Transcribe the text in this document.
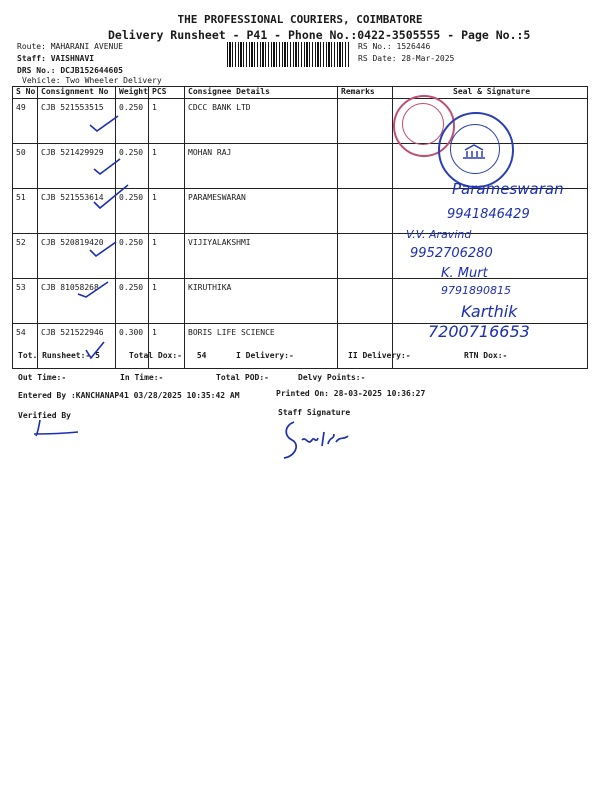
THE PROFESSIONAL COURIERS, COIMBATORE
Delivery Runsheet - P41 - Phone No.:0422-3505555 - Page No.:5
Route: MAHARANI AVENUE
Staff: VAISHNAVI
DRS No.: DCJB152644605
Vehicle: Two Wheeler Delivery
RS No.: 1526446
RS Date: 28-Mar-2025
S No	Consignment No	Weight	PCS	Consignee Details	Remarks	Seal & Signature
49	CJB 521553515	0.250	1	CDCC BANK LTD		
50	CJB 521429929	0.250	1	MOHAN RAJ		
51	CJB 521553614	0.250	1	PARAMESWARAN		
52	CJB 520819420	0.250	1	VIJIYALAKSHMI		
53	CJB 81058268	0.250	1	KIRUTHIKA		
54	CJB 521522946	0.300	1	BORIS LIFE SCIENCE		
Parameswaran
9941846429
V.V. Aravind
9952706280
K. Murt
9791890815
Karthik
7200716653
Tot. Runsheet:- 5	Total Dox:- 54	I Delivery:-	II Delivery:-	RTN Dox:-
Out Time:-	In Time:-	Total POD:-	Delvy Points:-
Entered By :KANCHANAP41 03/28/2025 10:35:42 AM	Printed On: 28-03-2025 10:36:27
Verified By	Staff Signature
